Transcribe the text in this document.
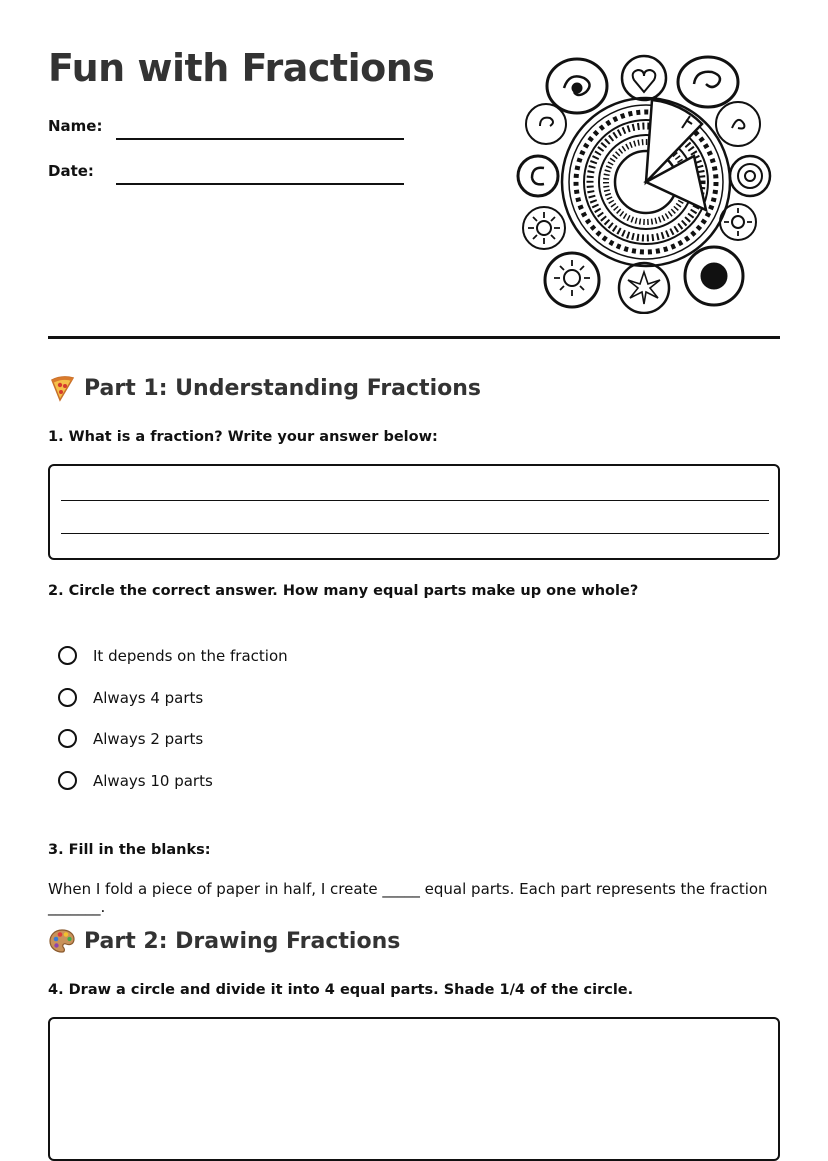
Fun with Fractions
Name:
Date:
Part 1: Understanding Fractions
1. What is a fraction? Write your answer below:
2. Circle the correct answer. How many equal parts make up one whole?
It depends on the fraction
Always 4 parts
Always 2 parts
Always 10 parts
3. Fill in the blanks:
When I fold a piece of paper in half, I create _____ equal parts. Each part represents the fraction _______.
Part 2: Drawing Fractions
4. Draw a circle and divide it into 4 equal parts. Shade 1/4 of the circle.
